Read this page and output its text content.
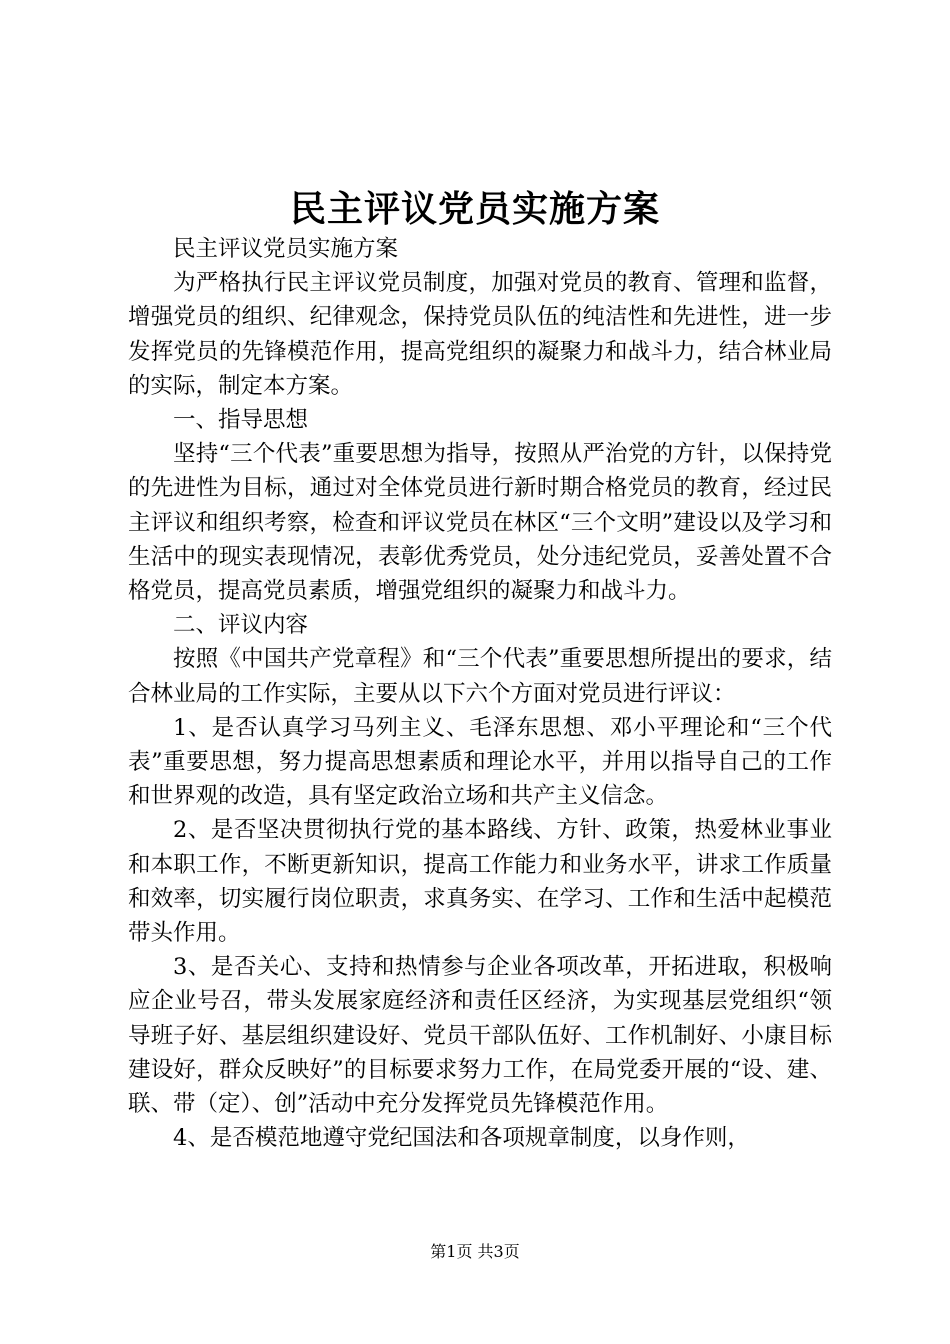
民主评议党员实施方案

民主评议党员实施方案

为严格执行民主评议党员制度，加强对党员的教育、管理和监督，增强党员的组织、纪律观念，保持党员队伍的纯洁性和先进性，进一步发挥党员的先锋模范作用，提高党组织的凝聚力和战斗力，结合林业局的实际，制定本方案。

一、指导思想

坚持“三个代表”重要思想为指导，按照从严治党的方针，以保持党的先进性为目标，通过对全体党员进行新时期合格党员的教育，经过民主评议和组织考察，检查和评议党员在林区“三个文明”建设以及学习和生活中的现实表现情况，表彰优秀党员，处分违纪党员，妥善处置不合格党员，提高党员素质，增强党组织的凝聚力和战斗力。

二、评议内容

按照《中国共产党章程》和“三个代表”重要思想所提出的要求，结合林业局的工作实际，主要从以下六个方面对党员进行评议：

1、是否认真学习马列主义、毛泽东思想、邓小平理论和“三个代表”重要思想，努力提高思想素质和理论水平，并用以指导自己的工作和世界观的改造，具有坚定政治立场和共产主义信念。

2、是否坚决贯彻执行党的基本路线、方针、政策，热爱林业事业和本职工作，不断更新知识，提高工作能力和业务水平，讲求工作质量和效率，切实履行岗位职责，求真务实、在学习、工作和生活中起模范带头作用。

3、是否关心、支持和热情参与企业各项改革，开拓进取，积极响应企业号召，带头发展家庭经济和责任区经济，为实现基层党组织“领导班子好、基层组织建设好、党员干部队伍好、工作机制好、小康目标建设好，群众反映好”的目标要求努力工作，在局党委开展的“设、建、联、带（定）、创”活动中充分发挥党员先锋模范作用。

4、是否模范地遵守党纪国法和各项规章制度，以身作则，

第1页 共3页
